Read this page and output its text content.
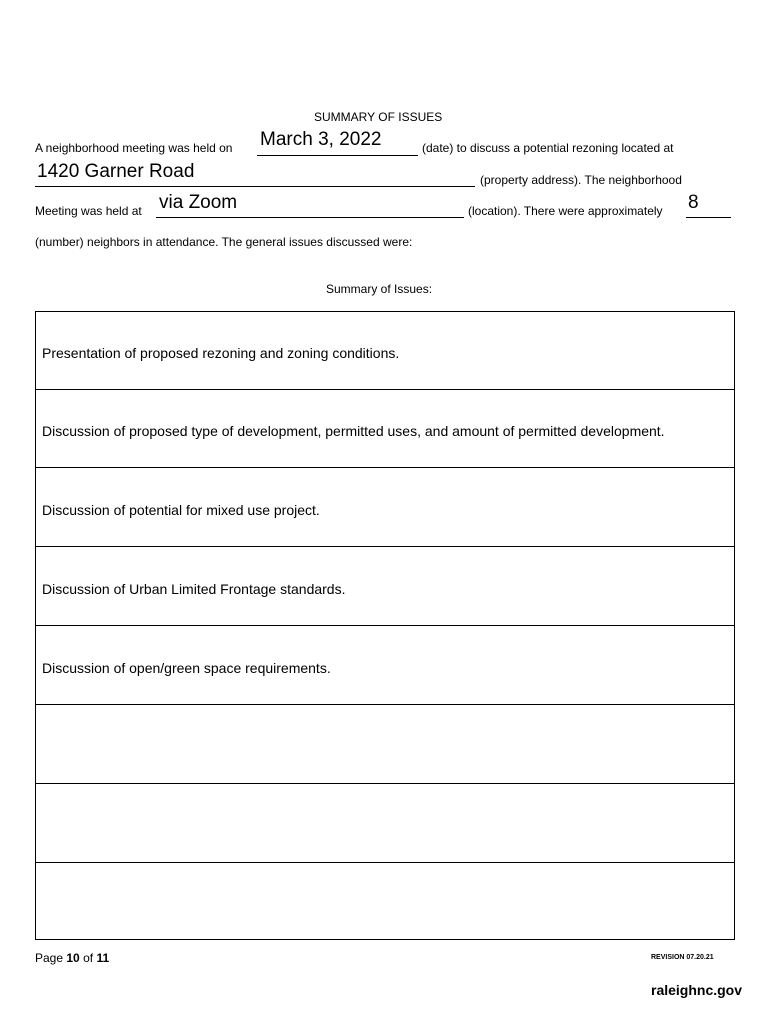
SUMMARY OF ISSUES
A neighborhood meeting was held on March 3, 2022	(date) to discuss a potential rezoning located at
1420 Garner Road	(property address). The neighborhood
Meeting was held at via Zoom	(location). There were approximately 8
(number) neighbors in attendance. The general issues discussed were:
Summary of Issues:
Presentation of proposed rezoning and zoning conditions.
Discussion of proposed type of development, permitted uses, and amount of permitted development.
Discussion of potential for mixed use project.
Discussion of Urban Limited Frontage standards.
Discussion of open/green space requirements.
Page 10 of 11	REVISION 07.20.21
raleighnc.gov
